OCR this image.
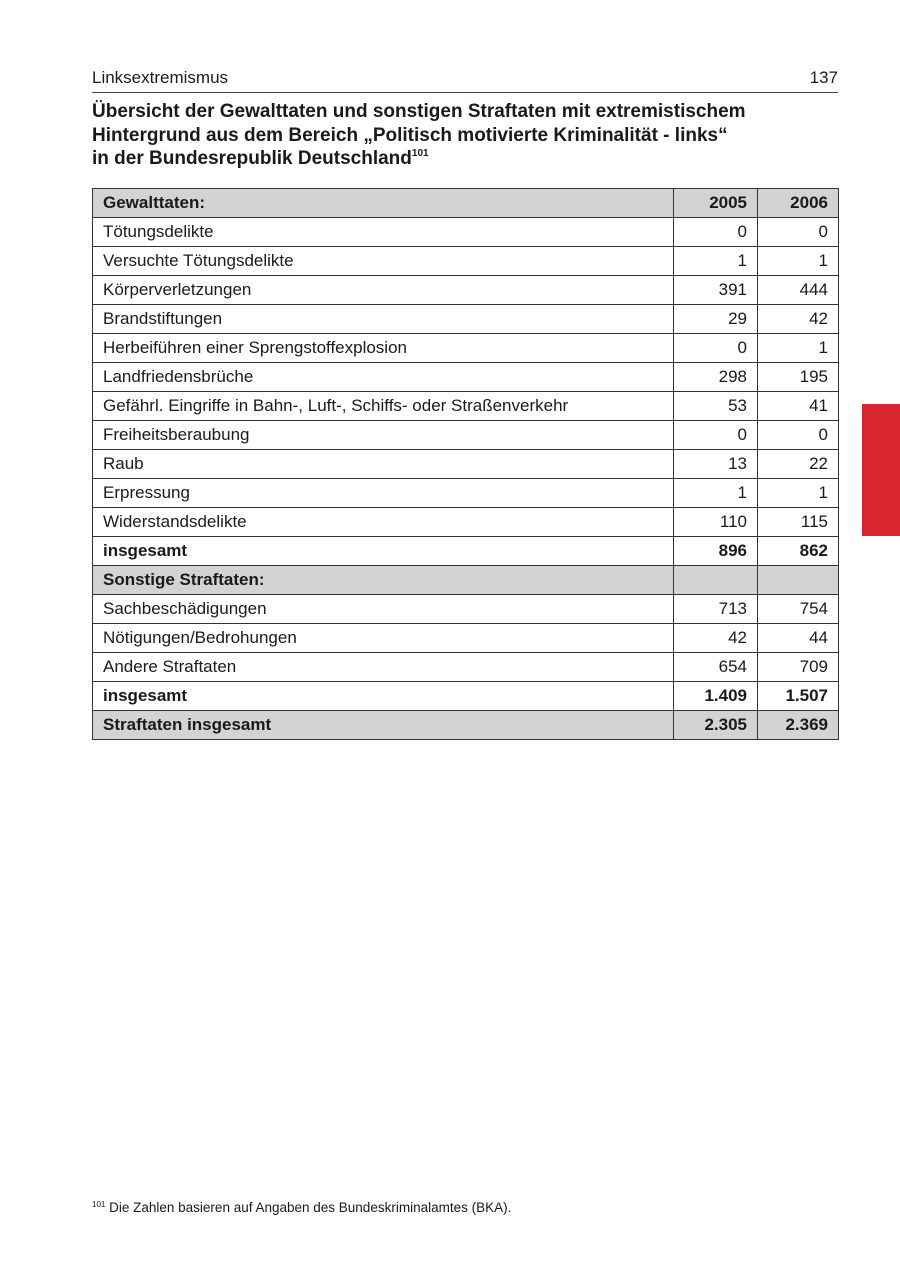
Linksextremismus	137
Übersicht der Gewalttaten und sonstigen Straftaten mit extremistischem
Hintergrund aus dem Bereich „Politisch motivierte Kriminalität - links“
in der Bundesrepublik Deutschland$^{101}$
Gewalttaten:	2005	2006
Tötungsdelikte	0	0
Versuchte Tötungsdelikte	1	1
Körperverletzungen	391	444
Brandstiftungen	29	42
Herbeiführen einer Sprengstoffexplosion	0	1
Landfriedensbrüche	298	195
Gefährl. Eingriffe in Bahn-, Luft-, Schiffs- oder Straßenverkehr	53	41
Freiheitsberaubung	0	0
Raub	13	22
Erpressung	1	1
Widerstandsdelikte	110	115
insgesamt	896	862
Sonstige Straftaten:		
Sachbeschädigungen	713	754
Nötigungen/Bedrohungen	42	44
Andere Straftaten	654	709
insgesamt	1.409	1.507
Straftaten insgesamt	2.305	2.369
$^{101}$ Die Zahlen basieren auf Angaben des Bundeskriminalamtes (BKA).
